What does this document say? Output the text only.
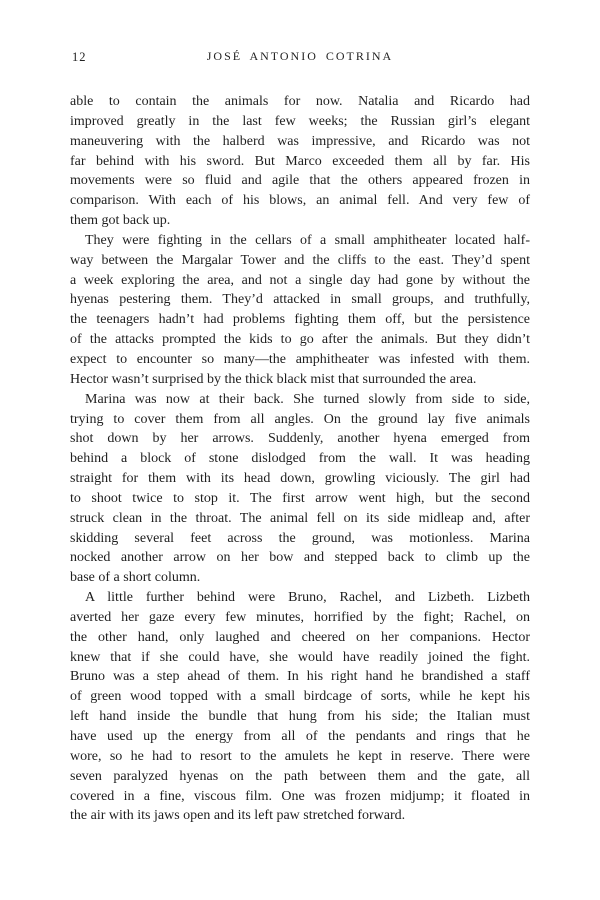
12	JOSÉ ANTONIO COTRINA
able to contain the animals for now. Natalia and Ricardo had
improved greatly in the last few weeks; the Russian girl’s elegant
maneuvering with the halberd was impressive, and Ricardo was not
far behind with his sword. But Marco exceeded them all by far. His
movements were so fluid and agile that the others appeared frozen in
comparison. With each of his blows, an animal fell. And very few of
them got back up.
They were fighting in the cellars of a small amphitheater located half-
way between the Margalar Tower and the cliffs to the east. They’d spent
a week exploring the area, and not a single day had gone by without the
hyenas pestering them. They’d attacked in small groups, and truthfully,
the teenagers hadn’t had problems fighting them off, but the persistence
of the attacks prompted the kids to go after the animals. But they didn’t
expect to encounter so many—the amphitheater was infested with them.
Hector wasn’t surprised by the thick black mist that surrounded the area.
Marina was now at their back. She turned slowly from side to side,
trying to cover them from all angles. On the ground lay five animals
shot down by her arrows. Suddenly, another hyena emerged from
behind a block of stone dislodged from the wall. It was heading
straight for them with its head down, growling viciously. The girl had
to shoot twice to stop it. The first arrow went high, but the second
struck clean in the throat. The animal fell on its side midleap and, after
skidding several feet across the ground, was motionless. Marina
nocked another arrow on her bow and stepped back to climb up the
base of a short column.
A little further behind were Bruno, Rachel, and Lizbeth. Lizbeth
averted her gaze every few minutes, horrified by the fight; Rachel, on
the other hand, only laughed and cheered on her companions. Hector
knew that if she could have, she would have readily joined the fight.
Bruno was a step ahead of them. In his right hand he brandished a staff
of green wood topped with a small birdcage of sorts, while he kept his
left hand inside the bundle that hung from his side; the Italian must
have used up the energy from all of the pendants and rings that he
wore, so he had to resort to the amulets he kept in reserve. There were
seven paralyzed hyenas on the path between them and the gate, all
covered in a fine, viscous film. One was frozen midjump; it floated in
the air with its jaws open and its left paw stretched forward.
